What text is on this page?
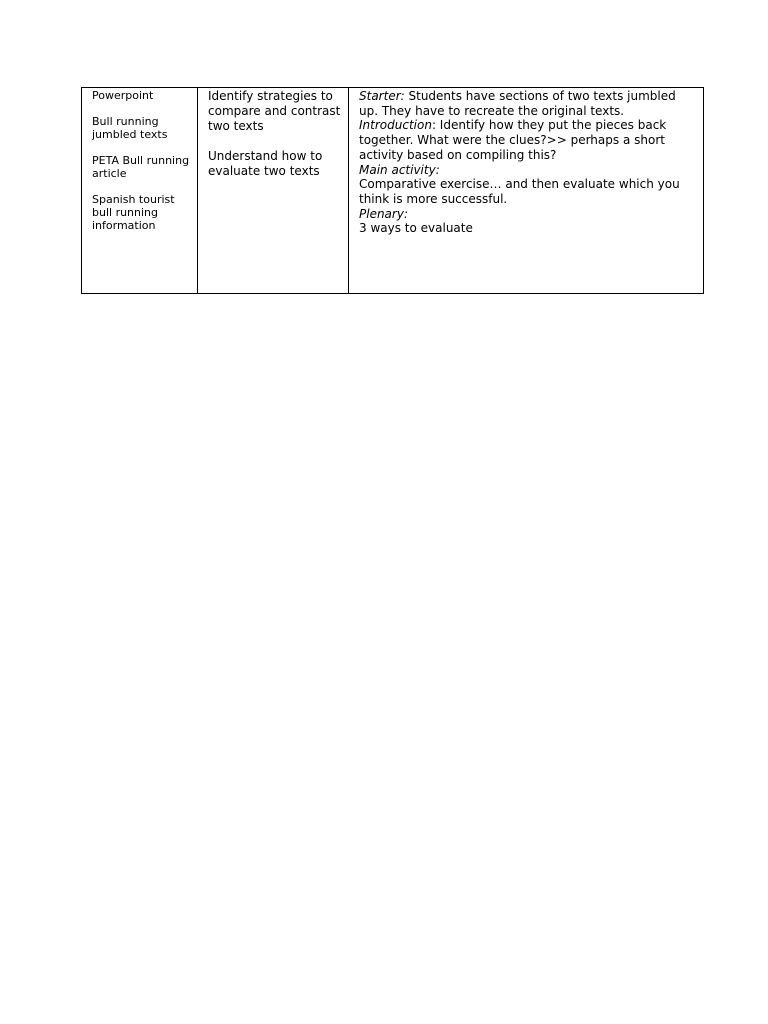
Powerpoint
Bull running jumbled texts
PETA Bull running article
Spanish tourist bull running information

Identify strategies to compare and contrast two texts
Understand how to evaluate two texts

Starter: Students have sections of two texts jumbled up. They have to recreate the original texts.
Introduction: Identify how they put the pieces back together. What were the clues?>> perhaps a short activity based on compiling this?
Main activity:
Comparative exercise… and then evaluate which you think is more successful.
Plenary:
3 ways to evaluate
